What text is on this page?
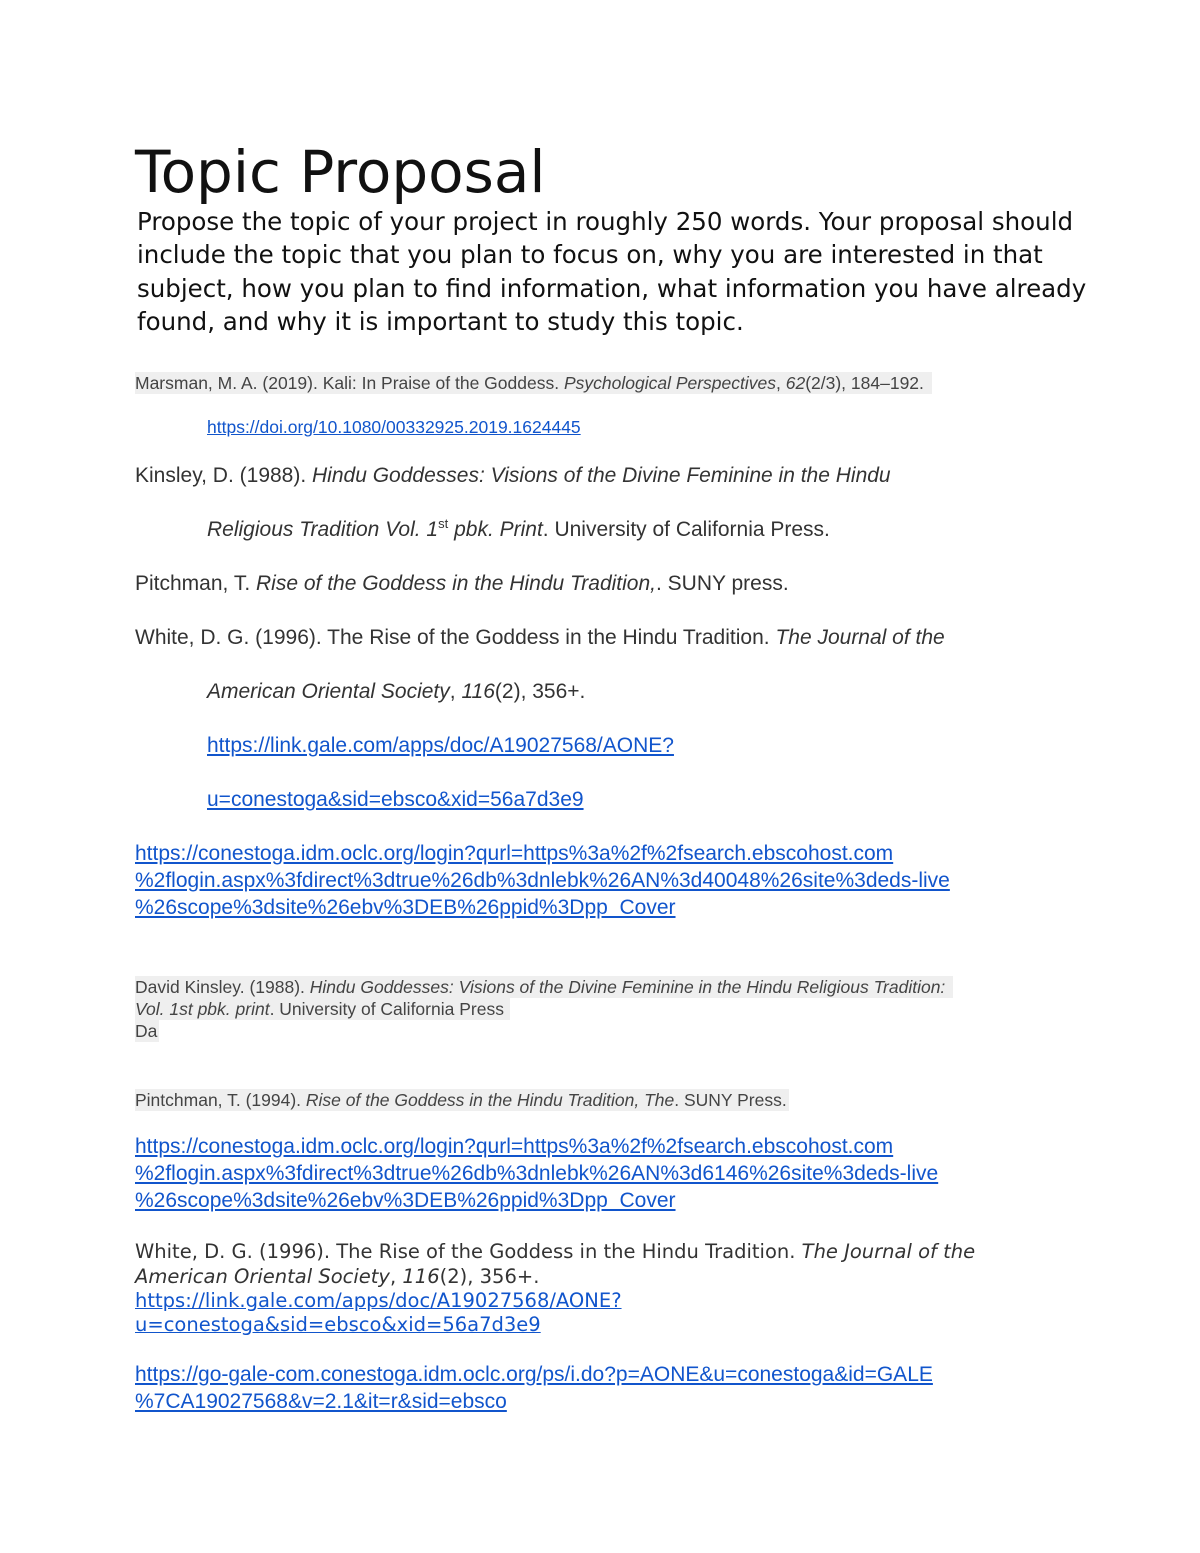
Topic Proposal
Propose the topic of your project in roughly 250 words. Your proposal should include the topic that you plan to focus on, why you are interested in that subject, how you plan to find information, what information you have already found, and why it is important to study this topic.
Marsman, M. A. (2019). Kali: In Praise of the Goddess. Psychological Perspectives, 62(2/3), 184–192.
https://doi.org/10.1080/00332925.2019.1624445
Kinsley, D. (1988). Hindu Goddesses: Visions of the Divine Feminine in the Hindu
Religious Tradition Vol. 1st pbk. Print. University of California Press.
Pitchman, T. Rise of the Goddess in the Hindu Tradition,. SUNY press.
White, D. G. (1996). The Rise of the Goddess in the Hindu Tradition. The Journal of the
American Oriental Society, 116(2), 356+.
https://link.gale.com/apps/doc/A19027568/AONE?
u=conestoga&sid=ebsco&xid=56a7d3e9
https://conestoga.idm.oclc.org/login?qurl=https%3a%2f%2fsearch.ebscohost.com
%2flogin.aspx%3fdirect%3dtrue%26db%3dnlebk%26AN%3d40048%26site%3deds-live
%26scope%3dsite%26ebv%3DEB%26ppid%3Dpp_Cover
David Kinsley. (1988). Hindu Goddesses: Visions of the Divine Feminine in the Hindu Religious Tradition:
Vol. 1st pbk. print. University of California Press
Da
Pintchman, T. (1994). Rise of the Goddess in the Hindu Tradition, The. SUNY Press.
https://conestoga.idm.oclc.org/login?qurl=https%3a%2f%2fsearch.ebscohost.com
%2flogin.aspx%3fdirect%3dtrue%26db%3dnlebk%26AN%3d6146%26site%3deds-live
%26scope%3dsite%26ebv%3DEB%26ppid%3Dpp_Cover
White, D. G. (1996). The Rise of the Goddess in the Hindu Tradition. The Journal of the
American Oriental Society, 116(2), 356+.
https://link.gale.com/apps/doc/A19027568/AONE?
u=conestoga&sid=ebsco&xid=56a7d3e9
https://go-gale-com.conestoga.idm.oclc.org/ps/i.do?p=AONE&u=conestoga&id=GALE
%7CA19027568&v=2.1&it=r&sid=ebsco
